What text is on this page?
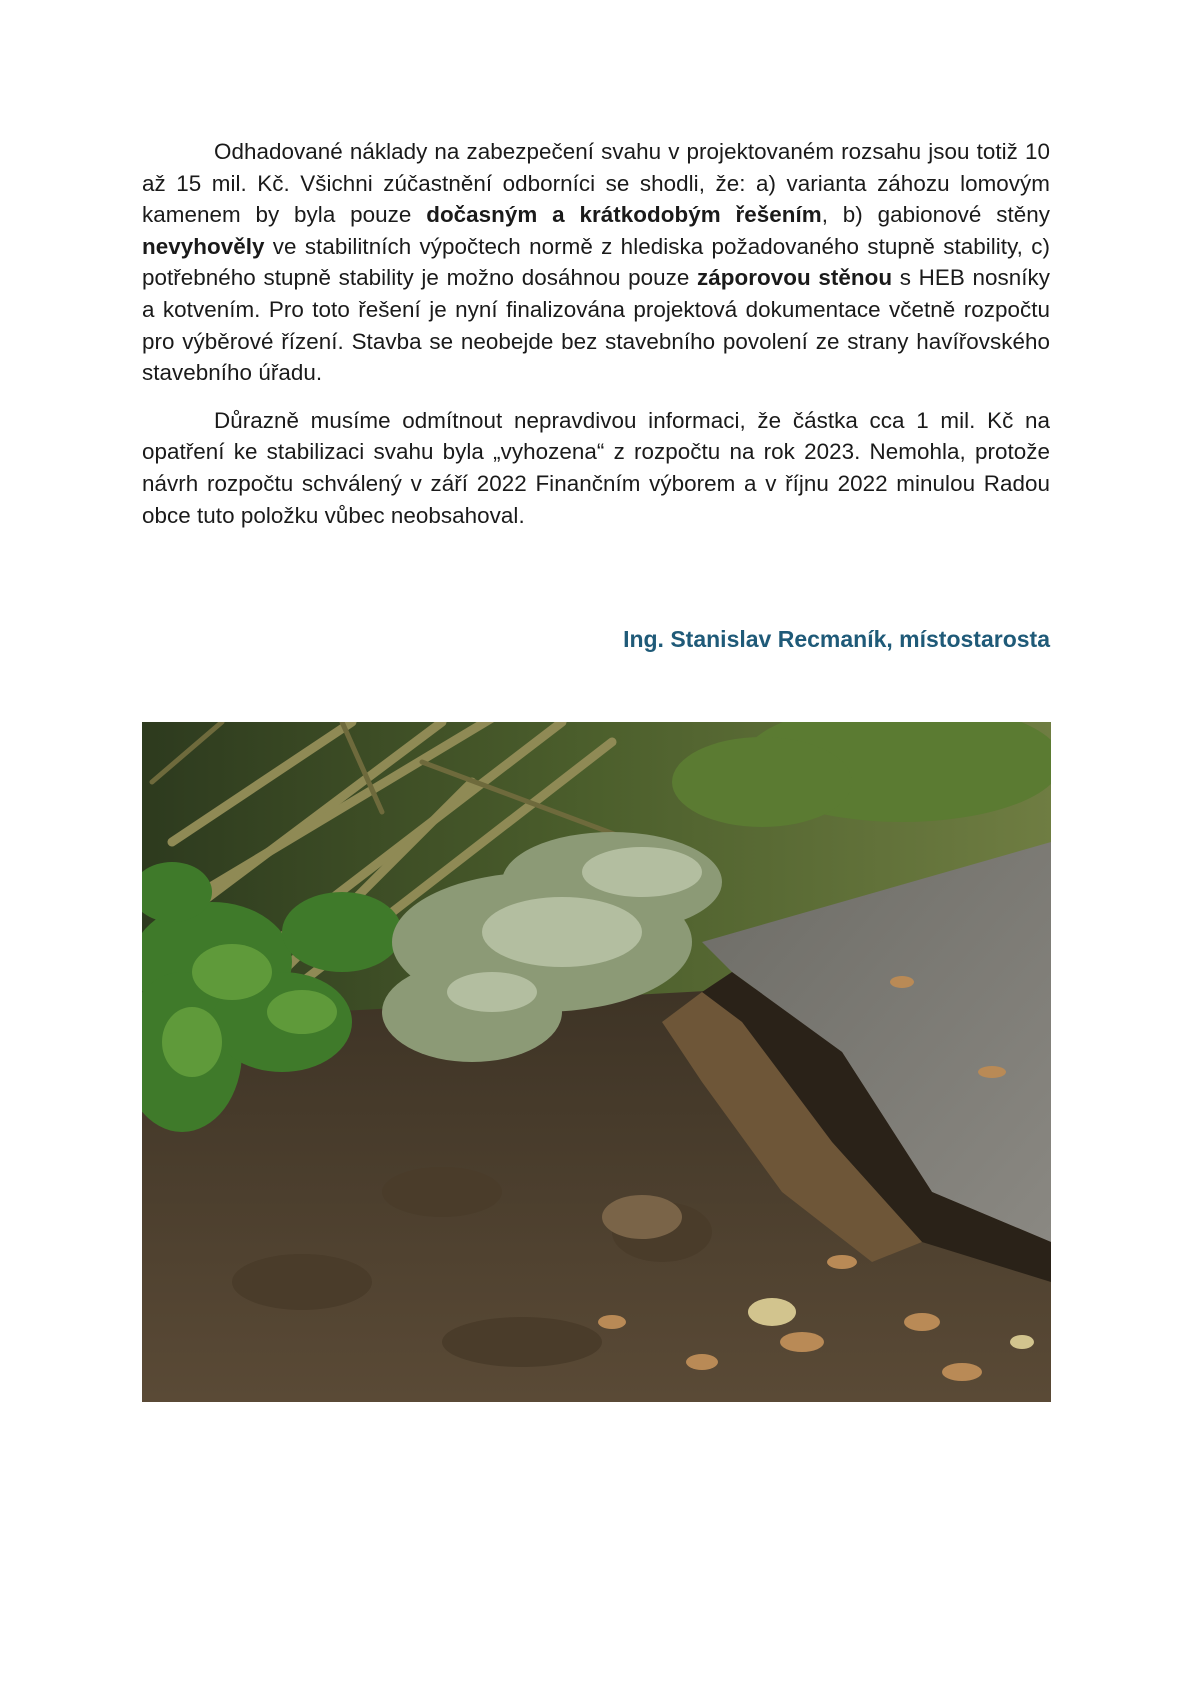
Odhadované náklady na zabezpečení svahu v projektovaném rozsahu jsou totiž 10 až 15 mil. Kč. Všichni zúčastnění odborníci se shodli, že: a) varianta záhozu lomovým kamenem by byla pouze dočasným a krátkodobým řešením, b) gabionové stěny nevyhověly ve stabilitních výpočtech normě z hlediska požadovaného stupně stability, c) potřebného stupně stability je možno dosáhnou pouze záporovou stěnou s HEB nosníky a kotvením. Pro toto řešení je nyní finalizována projektová dokumentace včetně rozpočtu pro výběrové řízení. Stavba se neobejde bez stavebního povolení ze strany havířovského stavebního úřadu.

Důrazně musíme odmítnout nepravdivou informaci, že částka cca 1 mil. Kč na opatření ke stabilizaci svahu byla „vyhozena“ z rozpočtu na rok 2023. Nemohla, protože návrh rozpočtu schválený v září 2022 Finančním výborem a v říjnu 2022 minulou Radou obce tuto položku vůbec neobsahoval.

Ing. Stanislav Recmaník, místostarosta
